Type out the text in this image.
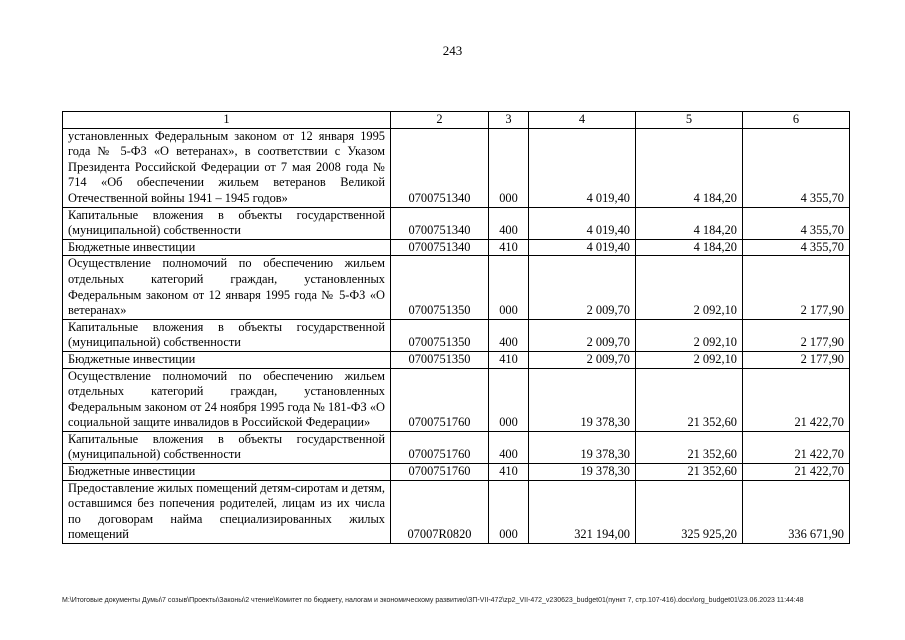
243
1	2	3	4	5	6
установленных Федеральным законом от 12 января 1995 года № 5-ФЗ «О ветеранах», в соответствии с Указом Президента Российской Федерации от 7 мая 2008 года № 714 «Об обеспечении жильем ветеранов Великой Отечественной войны 1941 – 1945 годов»	0700751340	000	4 019,40	4 184,20	4 355,70
Капитальные вложения в объекты государственной (муниципальной) собственности	0700751340	400	4 019,40	4 184,20	4 355,70
Бюджетные инвестиции	0700751340	410	4 019,40	4 184,20	4 355,70
Осуществление полномочий по обеспечению жильем отдельных категорий граждан, установленных Федеральным законом от 12 января 1995 года № 5-ФЗ «О ветеранах»	0700751350	000	2 009,70	2 092,10	2 177,90
Капитальные вложения в объекты государственной (муниципальной) собственности	0700751350	400	2 009,70	2 092,10	2 177,90
Бюджетные инвестиции	0700751350	410	2 009,70	2 092,10	2 177,90
Осуществление полномочий по обеспечению жильем отдельных категорий граждан, установленных Федеральным законом от 24 ноября 1995 года № 181-ФЗ «О социальной защите инвалидов в Российской Федерации»	0700751760	000	19 378,30	21 352,60	21 422,70
Капитальные вложения в объекты государственной (муниципальной) собственности	0700751760	400	19 378,30	21 352,60	21 422,70
Бюджетные инвестиции	0700751760	410	19 378,30	21 352,60	21 422,70
Предоставление жилых помещений детям-сиротам и детям, оставшимся без попечения родителей, лицам из их числа по договорам найма специализированных жилых помещений	07007R0820	000	321 194,00	325 925,20	336 671,90
М:\Итоговые документы Думы\7 созыв\Проекты\Законы\2 чтение\Комитет по бюджету, налогам и экономическому развитию\ЗП-VII-472\zp2_VII-472_v230623_budget01(пункт 7, стр.107-416).docx\org_budget01\23.06.2023 11:44:48
